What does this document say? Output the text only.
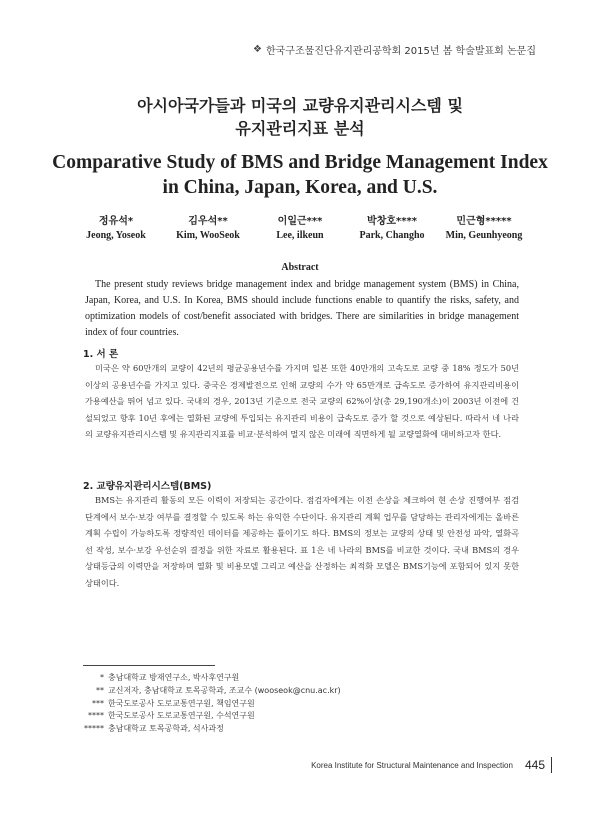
❖ 한국구조물진단유지관리공학회 2015년 봄 학술발표회 논문집
아시아국가들과 미국의 교량유지관리시스템 및
유지관리지표 분석
Comparative Study of BMS and Bridge Management Index
in China, Japan, Korea, and U.S.
정유석*
Jeong, Yoseok
김우석**
Kim, WooSeok
이일근***
Lee, ilkeun
박창호****
Park, Changho
민근형*****
Min, Geunhyeong
Abstract

The present study reviews bridge management index and bridge management system (BMS) in China, Japan, Korea, and U.S. In Korea, BMS should include functions enable to quantify the risks, safety, and optimization models of cost/benefit associated with bridges. There are similarities in bridge management index of four countries.

1. 서 론

미국은 약 60만개의 교량이 42년의 평균공용년수를 가지며 일본 또한 40만개의 고속도로 교량 중 18% 정도가 50년 이상의 공용년수를 가지고 있다. 중국은 경제발전으로 인해 교량의 수가 약 65만개로 급속도로 증가하여 유지관리비용이 가용예산을 뛰어 넘고 있다. 국내의 경우, 2013년 기준으로 전국 교량의 62%이상(총 29,190개소)이 2003년 이전에 건설되었고 향후 10년 후에는 열화된 교량에 투입되는 유지관리 비용이 급속도로 증가 할 것으로 예상된다. 따라서 네 나라의 교량유지관리시스템 및 유지관리지표를 비교·분석하여 멀지 않은 미래에 직면하게 될 교량열화에 대비하고자 한다.

2. 교량유지관리시스템(BMS)

BMS는 유지관리 활동의 모든 이력이 저장되는 공간이다. 점검자에게는 이전 손상을 체크하여 현 손상 진행여부 점검 단계에서 보수·보강 여부를 결정할 수 있도록 하는 유익한 수단이다. 유지관리 계획 업무를 담당하는 관리자에게는 올바른 계획 수립이 가능하도록 정량적인 데이터를 제공하는 틀이기도 하다. BMS의 정보는 교량의 상태 및 안전성 파악, 열화곡선 작성, 보수·보강 우선순위 결정을 위한 자료로 활용된다. 표 1은 네 나라의 BMS를 비교한 것이다. 국내 BMS의 경우 상태등급의 이력만을 저장하며 열화 및 비용모델 그리고 예산을 산정하는 최적화 모델은 BMS기능에 포함되어 있지 못한 상태이다.

* 충남대학교 방재연구소, 박사후연구원
** 교신저자, 충남대학교 토목공학과, 조교수 (wooseok@cnu.ac.kr)
*** 한국도로공사 도로교통연구원, 책임연구원
**** 한국도로공사 도로교통연구원, 수석연구원
***** 충남대학교 토목공학과, 석사과정
Korea Institute for Structural Maintenance and Inspection 445
